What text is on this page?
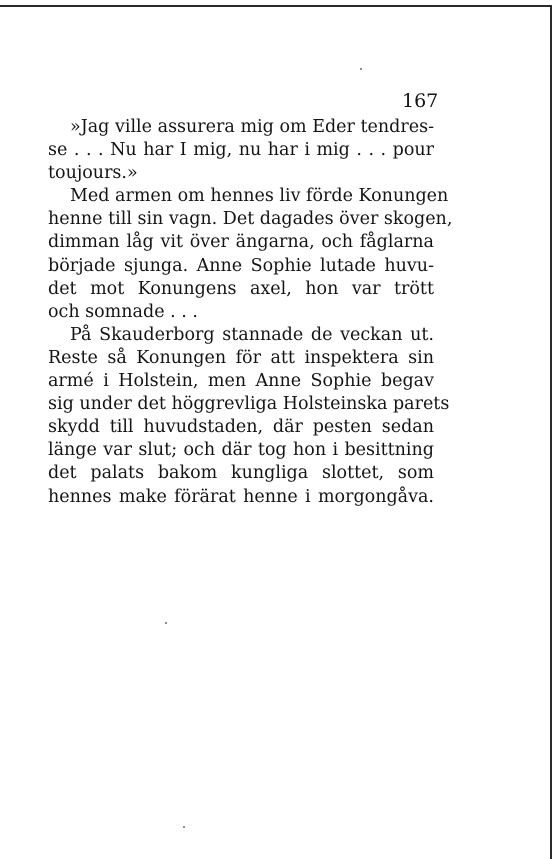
167
»Jag ville assurera mig om Eder tendres-
se . . . Nu har I mig, nu har i mig . . . pour
toujours.»
Med armen om hennes liv förde Konungen
henne till sin vagn. Det dagades över skogen,
dimman låg vit över ängarna, och fåglarna
började sjunga. Anne Sophie lutade huvu-
det mot Konungens axel, hon var trött
och somnade . . .
På Skauderborg stannade de veckan ut.
Reste så Konungen för att inspektera sin
armé i Holstein, men Anne Sophie begav
sig under det höggrevliga Holsteinska parets
skydd till huvudstaden, där pesten sedan
länge var slut; och där tog hon i besittning
det palats bakom kungliga slottet, som
hennes make förärat henne i morgongåva.
